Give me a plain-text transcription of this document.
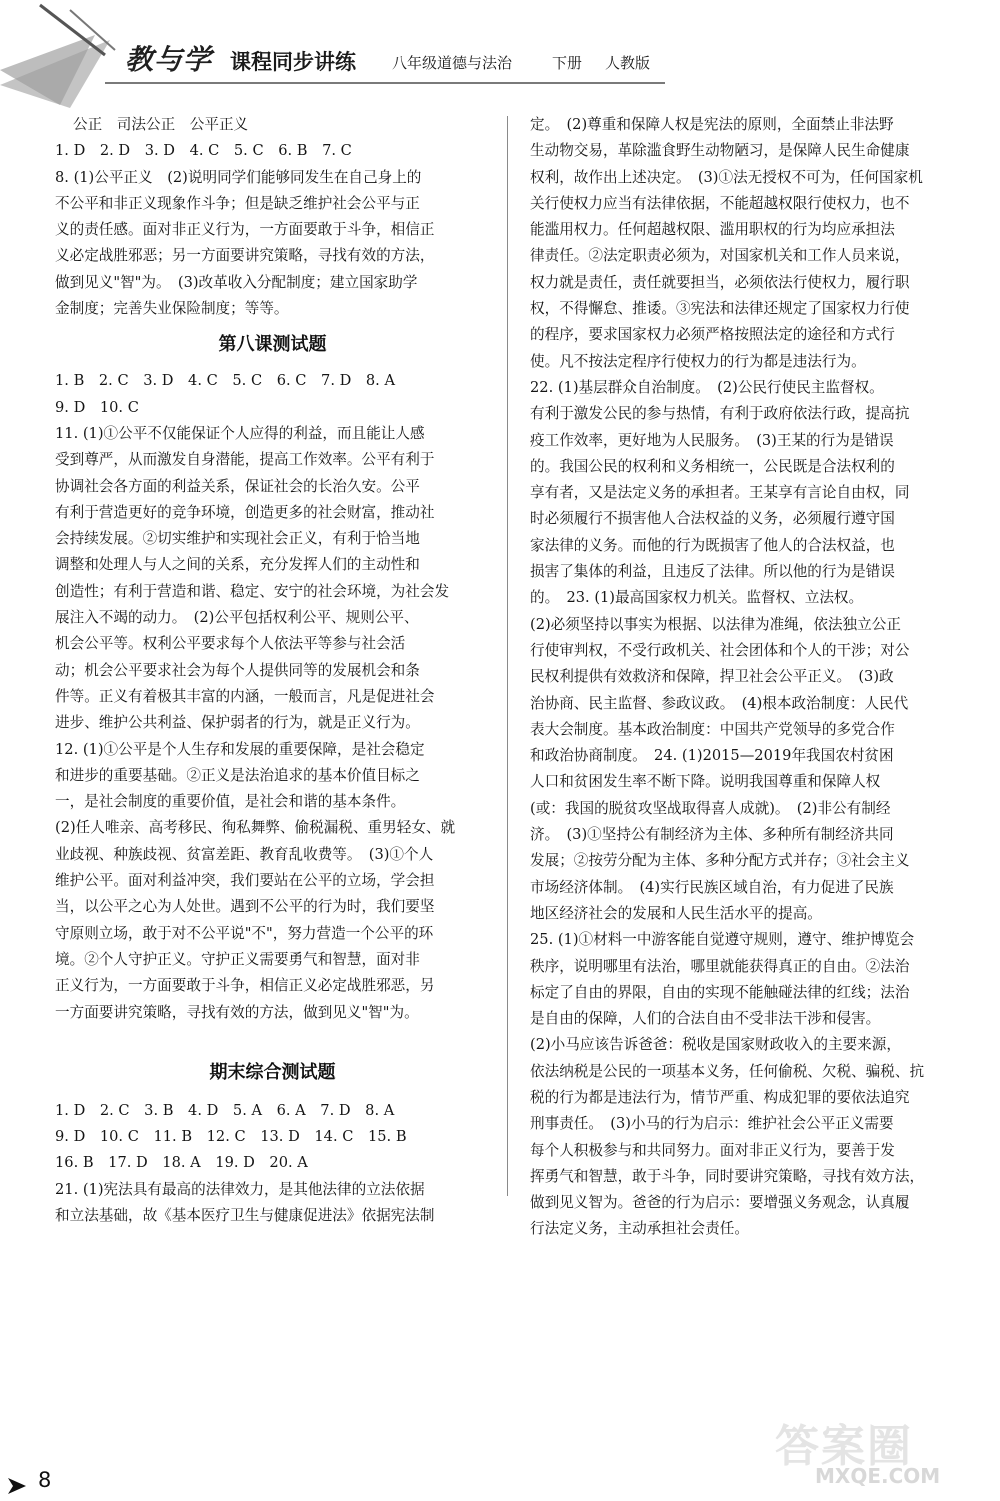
教与学 课程同步讲练 八年级道德与法治	下册 人教版
公正　司法公正　公平正义
1. D　2. D　3. D　4. C　5. C　6. B　7. C
8. (1)公平正义　(2)说明同学们能够同发生在自己身上的
不公平和非正义现象作斗争；但是缺乏维护社会公平与正
义的责任感。面对非正义行为，一方面要敢于斗争，相信正
义必定战胜邪恶；另一方面要讲究策略，寻找有效的方法，
做到见义"智"为。　(3)改革收入分配制度；建立国家助学
金制度；完善失业保险制度；等等。
第八课测试题
1. B　2. C　3. D　4. C　5. C　6. C　7. D　8. A
9. D　10. C
11. (1)①公平不仅能保证个人应得的利益，而且能让人感
受到尊严，从而激发自身潜能，提高工作效率。公平有利于
协调社会各方面的利益关系，保证社会的长治久安。公平
有利于营造更好的竞争环境，创造更多的社会财富，推动社
会持续发展。②切实维护和实现社会正义，有利于恰当地
调整和处理人与人之间的关系，充分发挥人们的主动性和
创造性；有利于营造和谐、稳定、安宁的社会环境，为社会发
展注入不竭的动力。　(2)公平包括权利公平、规则公平、
机会公平等。权利公平要求每个人依法平等参与社会活
动；机会公平要求社会为每个人提供同等的发展机会和条
件等。正义有着极其丰富的内涵，一般而言，凡是促进社会
进步、维护公共利益、保护弱者的行为，就是正义行为。
12. (1)①公平是个人生存和发展的重要保障，是社会稳定
和进步的重要基础。②正义是法治追求的基本价值目标之
一，是社会制度的重要价值，是社会和谐的基本条件。
(2)任人唯亲、高考移民、徇私舞弊、偷税漏税、重男轻女、就
业歧视、种族歧视、贫富差距、教育乱收费等。　(3)①个人
维护公平。面对利益冲突，我们要站在公平的立场，学会担
当，以公平之心为人处世。遇到不公平的行为时，我们要坚
守原则立场，敢于对不公平说"不"，努力营造一个公平的环
境。②个人守护正义。守护正义需要勇气和智慧，面对非
正义行为，一方面要敢于斗争，相信正义必定战胜邪恶，另
一方面要讲究策略，寻找有效的方法，做到见义"智"为。
期末综合测试题
1. D　2. C　3. B　4. D　5. A　6. A　7. D　8. A
9. D　10. C　11. B　12. C　13. D　14. C　15. B
16. B　17. D　18. A　19. D　20. A
21. (1)宪法具有最高的法律效力，是其他法律的立法依据
和立法基础，故《基本医疗卫生与健康促进法》依据宪法制
定。　(2)尊重和保障人权是宪法的原则，全面禁止非法野
生动物交易，革除滥食野生动物陋习，是保障人民生命健康
权利，故作出上述决定。　(3)①法无授权不可为，任何国家机
关行使权力应当有法律依据，不能超越权限行使权力，也不
能滥用权力。任何超越权限、滥用职权的行为均应承担法
律责任。②法定职责必须为，对国家机关和工作人员来说，
权力就是责任，责任就要担当，必须依法行使权力，履行职
权，不得懈怠、推诿。③宪法和法律还规定了国家权力行使
的程序，要求国家权力必须严格按照法定的途径和方式行
使。凡不按法定程序行使权力的行为都是违法行为。
22. (1)基层群众自治制度。　(2)公民行使民主监督权。
有利于激发公民的参与热情，有利于政府依法行政，提高抗
疫工作效率，更好地为人民服务。　(3)王某的行为是错误
的。我国公民的权利和义务相统一，公民既是合法权利的
享有者，又是法定义务的承担者。王某享有言论自由权，同
时必须履行不损害他人合法权益的义务，必须履行遵守国
家法律的义务。而他的行为既损害了他人的合法权益，也
损害了集体的利益，且违反了法律。所以他的行为是错误
的。　23. (1)最高国家权力机关。监督权、立法权。
(2)必须坚持以事实为根据、以法律为准绳，依法独立公正
行使审判权，不受行政机关、社会团体和个人的干涉；对公
民权利提供有效救济和保障，捍卫社会公平正义。　(3)政
治协商、民主监督、参政议政。　(4)根本政治制度：人民代
表大会制度。基本政治制度：中国共产党领导的多党合作
和政治协商制度。　24. (1)2015—2019年我国农村贫困
人口和贫困发生率不断下降。说明我国尊重和保障人权
(或：我国的脱贫攻坚战取得喜人成就)。　(2)非公有制经
济。　(3)①坚持公有制经济为主体、多种所有制经济共同
发展；②按劳分配为主体、多种分配方式并存；③社会主义
市场经济体制。　(4)实行民族区域自治，有力促进了民族
地区经济社会的发展和人民生活水平的提高。
25. (1)①材料一中游客能自觉遵守规则，遵守、维护博览会
秩序，说明哪里有法治，哪里就能获得真正的自由。②法治
标定了自由的界限，自由的实现不能触碰法律的红线；法治
是自由的保障，人们的合法自由不受非法干涉和侵害。
(2)小马应该告诉爸爸：税收是国家财政收入的主要来源，
依法纳税是公民的一项基本义务，任何偷税、欠税、骗税、抗
税的行为都是违法行为，情节严重、构成犯罪的要依法追究
刑事责任。　(3)小马的行为启示：维护社会公平正义需要
每个人积极参与和共同努力。面对非正义行为，要善于发
挥勇气和智慧，敢于斗争，同时要讲究策略，寻找有效方法，
做到见义智为。爸爸的行为启示：要增强义务观念，认真履
行法定义务，主动承担社会责任。
8
答案圈
MXQE.COM
